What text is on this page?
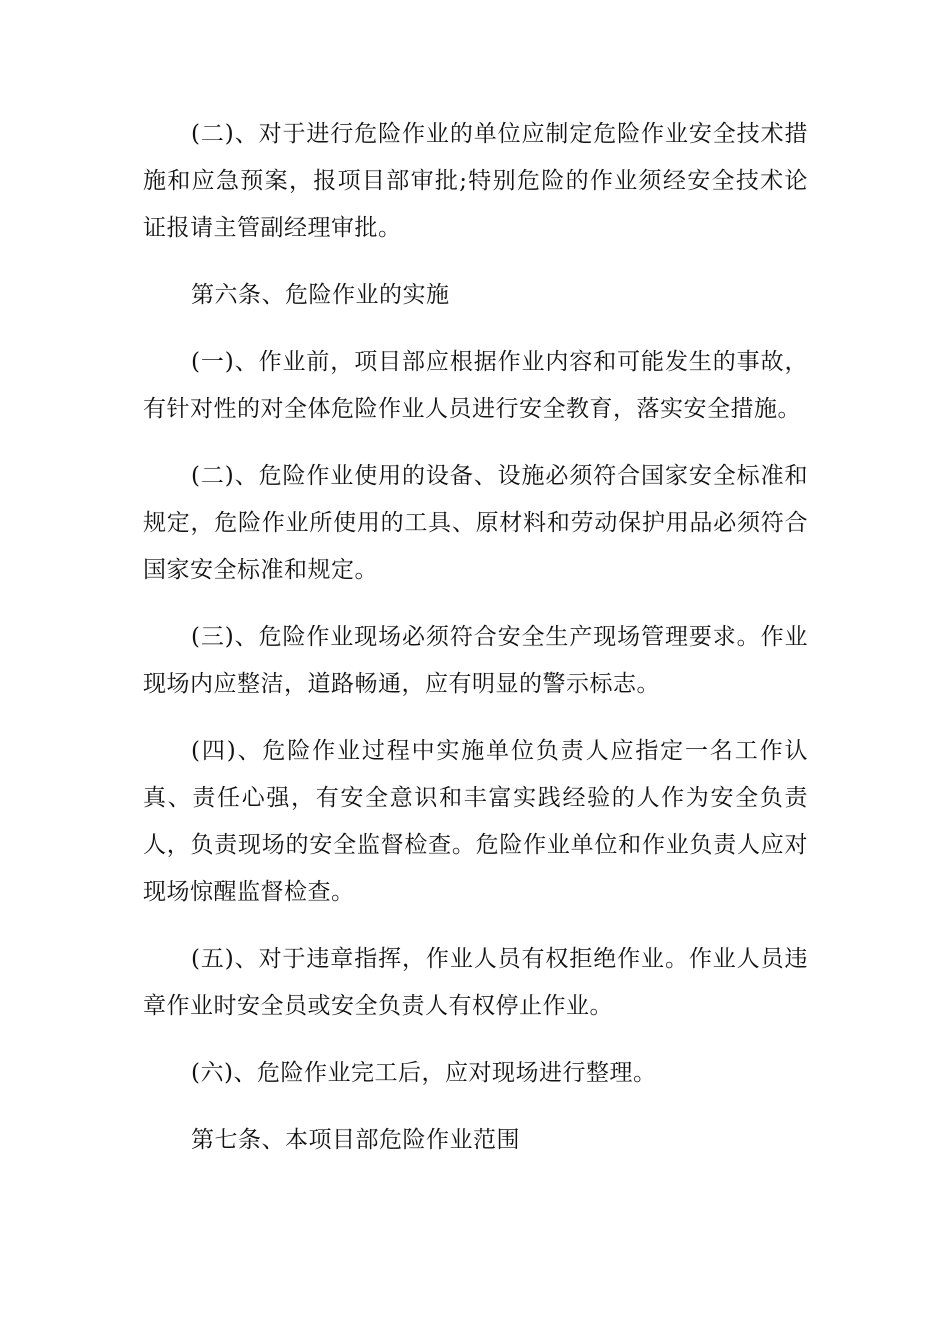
(二)、对于进行危险作业的单位应制定危险作业安全技术措施和应急预案，报项目部审批;特别危险的作业须经安全技术论证报请主管副经理审批。

第六条、危险作业的实施

(一)、作业前，项目部应根据作业内容和可能发生的事故，有针对性的对全体危险作业人员进行安全教育，落实安全措施。

(二)、危险作业使用的设备、设施必须符合国家安全标准和规定，危险作业所使用的工具、原材料和劳动保护用品必须符合国家安全标准和规定。

(三)、危险作业现场必须符合安全生产现场管理要求。作业现场内应整洁，道路畅通，应有明显的警示标志。

(四)、危险作业过程中实施单位负责人应指定一名工作认真、责任心强，有安全意识和丰富实践经验的人作为安全负责人，负责现场的安全监督检查。危险作业单位和作业负责人应对现场惊醒监督检查。

(五)、对于违章指挥，作业人员有权拒绝作业。作业人员违章作业时安全员或安全负责人有权停止作业。

(六)、危险作业完工后，应对现场进行整理。

第七条、本项目部危险作业范围
